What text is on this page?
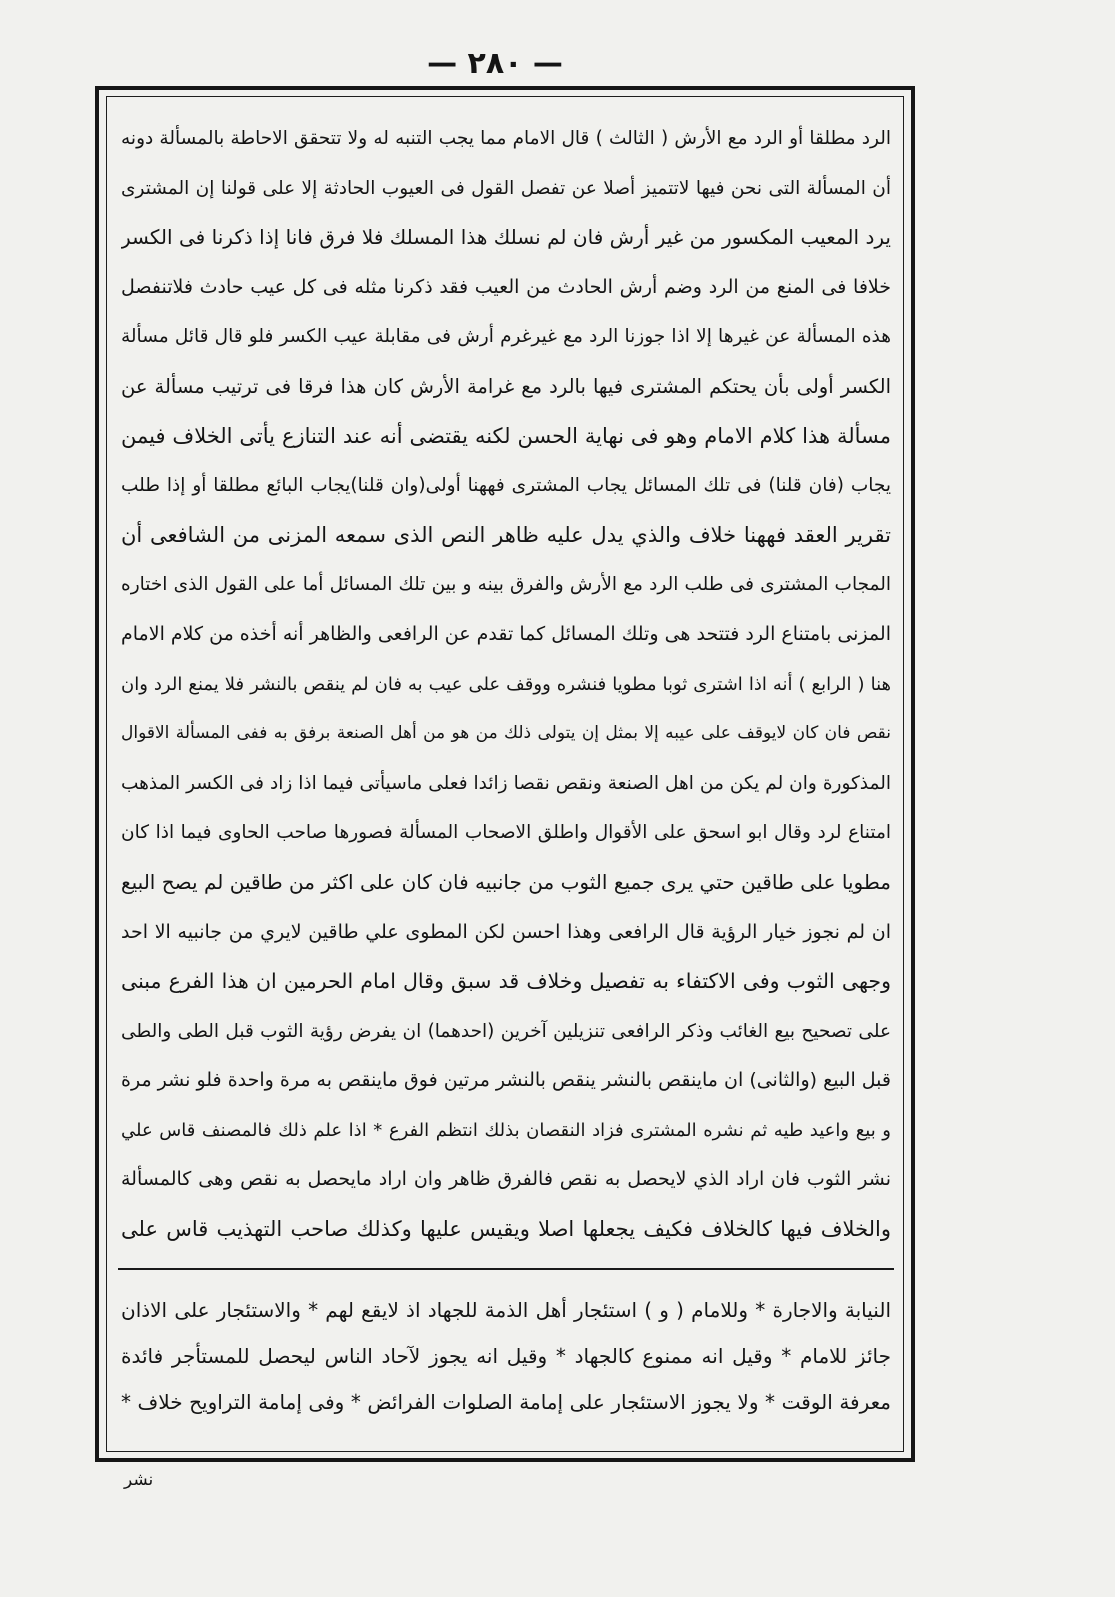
— ٢٨٠ —
الرد مطلقا أو الرد مع الأرش ( الثالث ) قال الامام مما يجب التنبه له ولا تتحقق الاحاطة بالمسألة دونه
أن المسألة التى نحن فيها لاتتميز أصلا عن تفصل القول فى العيوب الحادثة إلا على قولنا إن المشترى
يرد المعيب المكسور من غير أرش فان لم نسلك هذا المسلك فلا فرق فانا إذا ذكرنا فى الكسر
خلافا فى المنع من الرد وضم أرش الحادث من العيب فقد ذكرنا مثله فى كل عيب حادث فلاتنفصل
هذه المسألة عن غيرها إلا اذا جوزنا الرد مع غيرغرم أرش فى مقابلة عيب الكسر فلو قال قائل مسألة
الكسر أولى بأن يحتكم المشترى فيها بالرد مع غرامة الأرش كان هذا فرقا فى ترتيب مسألة عن
مسألة هذا كلام الامام وهو فى نهاية الحسن لكنه يقتضى أنه عند التنازع يأتى الخلاف فيمن
يجاب (فان قلنا) فى تلك المسائل يجاب المشترى فههنا أولى(وان قلنا)يجاب البائع مطلقا أو إذا طلب
تقرير العقد فههنا خلاف والذي يدل عليه ظاهر النص الذى سمعه المزنى من الشافعى أن
المجاب المشترى فى طلب الرد مع الأرش والفرق بينه و بين تلك المسائل أما على القول الذى اختاره
المزنى بامتناع الرد فتتحد هى وتلك المسائل كما تقدم عن الرافعى والظاهر أنه أخذه من كلام الامام
هنا ( الرابع ) أنه اذا اشترى ثوبا مطويا فنشره ووقف على عيب به فان لم ينقص بالنشر فلا يمنع الرد وان
نقص فان كان لايوقف على عيبه إلا بمثل إن يتولى ذلك من هو من أهل الصنعة برفق به ففى المسألة الاقوال
المذكورة وان لم يكن من اهل الصنعة ونقص نقصا زائدا فعلى ماسيأتى فيما اذا زاد فى الكسر المذهب
امتناع لرد وقال ابو اسحق على الأقوال واطلق الاصحاب المسألة فصورها صاحب الحاوى فيما اذا كان
مطويا على طاقين حتي يرى جميع الثوب من جانبيه فان كان على اكثر من طاقين لم يصح البيع
ان لم نجوز خيار الرؤية قال الرافعى وهذا احسن لكن المطوى علي طاقين لايري من جانبيه الا احد
وجهى الثوب وفى الاكتفاء به تفصيل وخلاف قد سبق وقال امام الحرمين ان هذا الفرع مبنى
على تصحيح بيع الغائب وذكر الرافعى تنزيلين آخرين (احدهما) ان يفرض رؤية الثوب قبل الطى والطى
قبل البيع (والثانى) ان ماينقص بالنشر ينقص بالنشر مرتين فوق ماينقص به مرة واحدة فلو نشر مرة
و بيع واعيد طيه ثم نشره المشترى فزاد النقصان بذلك انتظم الفرع * اذا علم ذلك فالمصنف قاس علي
نشر الثوب فان اراد الذي لايحصل به نقص فالفرق ظاهر وان اراد مايحصل به نقص وهى كالمسألة
والخلاف فيها كالخلاف فكيف يجعلها اصلا ويقيس عليها وكذلك صاحب التهذيب قاس على
النيابة والاجارة * وللامام ( و ) استئجار أهل الذمة للجهاد اذ لايقع لهم * والاستئجار على الاذان
جائز للامام * وقيل انه ممنوع كالجهاد * وقيل انه يجوز لآحاد الناس ليحصل للمستأجر فائدة
معرفة الوقت * ولا يجوز الاستئجار على إمامة الصلوات الفرائض * وفى إمامة التراويح خلاف *
نشر
